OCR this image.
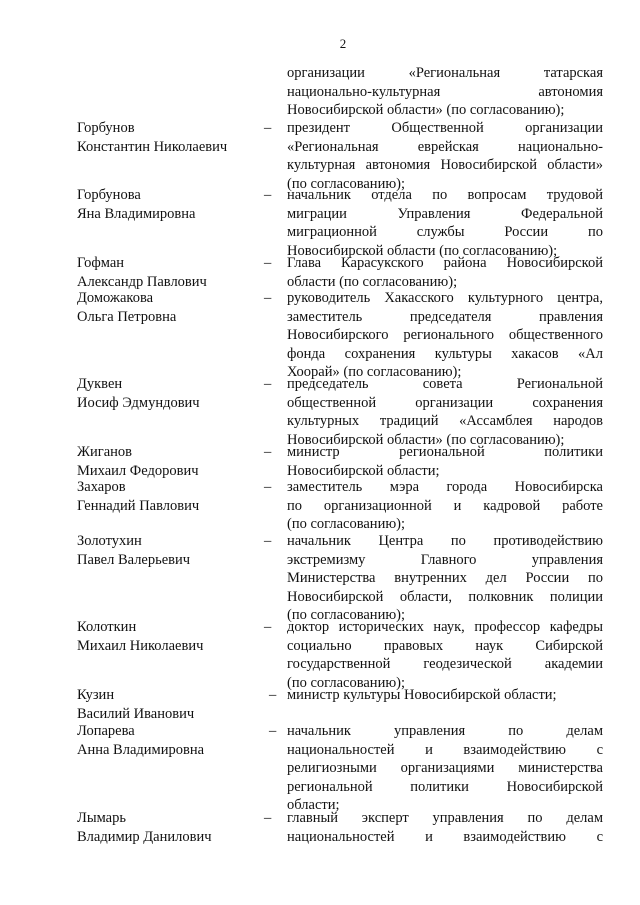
2
организации «Региональная татарская
национально-культурная автономия
Новосибирской области» (по согласованию);
Горбунов
Константин Николаевич
– президент Общественной организации
«Региональная еврейская национально-
культурная автономия Новосибирской области»
(по согласованию);
Горбунова
Яна Владимировна
– начальник отдела по вопросам трудовой
миграции Управления Федеральной
миграционной службы России по
Новосибирской области (по согласованию);
Гофман
Александр Павлович
– Глава Карасукского района Новосибирской
области (по согласованию);
Доможакова
Ольга Петровна
– руководитель Хакасского культурного центра,
заместитель председателя правления
Новосибирского регионального общественного
фонда сохранения культуры хакасов «Ал
Хоорай» (по согласованию);
Дуквен
Иосиф Эдмундович
– председатель совета Региональной
общественной организации сохранения
культурных традиций «Ассамблея народов
Новосибирской области» (по согласованию);
Жиганов
Михаил Федорович
– министр региональной политики
Новосибирской области;
Захаров
Геннадий Павлович
– заместитель мэра города Новосибирска
по организационной и кадровой работе
(по согласованию);
Золотухин
Павел Валерьевич
– начальник Центра по противодействию
экстремизму Главного управления
Министерства внутренних дел России по
Новосибирской области, полковник полиции
(по согласованию);
Колоткин
Михаил Николаевич
– доктор исторических наук, профессор кафедры
социально правовых наук Сибирской
государственной геодезической академии
(по согласованию);
Кузин
Василий Иванович
– министр культуры Новосибирской области;
Лопарева
Анна Владимировна
– начальник управления по делам
национальностей и взаимодействию с
религиозными организациями министерства
региональной политики Новосибирской
области;
Лымарь
Владимир Данилович
– главный эксперт управления по делам
национальностей и взаимодействию с
